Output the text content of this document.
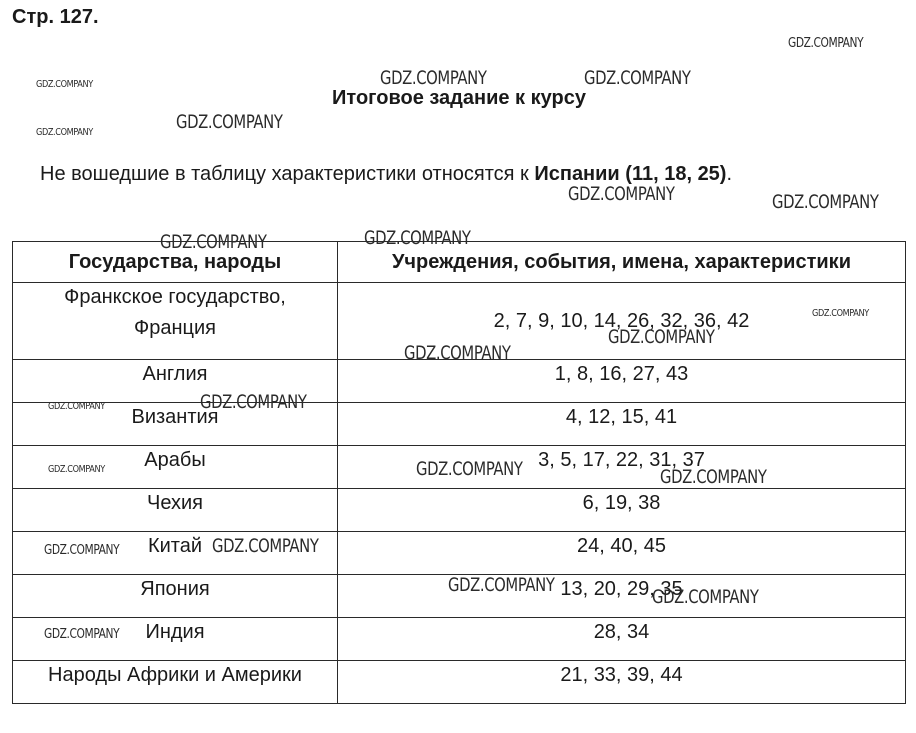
Стр. 127.
Итоговое задание к курсу
Не вошедшие в таблицу характеристики относятся к Испании (11, 18, 25).
Государства, народы	Учреждения, события, имена, характеристики
Франкское государство,
Франция	2, 7, 9, 10, 14, 26, 32, 36, 42
Англия	1, 8, 16, 27, 43
Византия	4, 12, 15, 41
Арабы	3, 5, 17, 22, 31, 37
Чехия	6, 19, 38
Китай	24, 40, 45
Япония	13, 20, 29, 35
Индия	28, 34
Народы Африки и Америки	21, 33, 39, 44
GDZ.COMPANY
GDZ.COMPANY
GDZ.COMPANY
GDZ.COMPANY	GDZ.COMPANY
GDZ.COMPANY
GDZ.COMPANY	GDZ.COMPANY
GDZ.COMPANY	GDZ.COMPANY
GDZ.COMPANY
GDZ.COMPANY
GDZ.COMPANY
GDZ.COMPANY	GDZ.COMPANY
GDZ.COMPANY	GDZ.COMPANY	GDZ.COMPANY
GDZ.COMPANY	GDZ.COMPANY
GDZ.COMPANY
GDZ.COMPANY
GDZ.COMPANY
